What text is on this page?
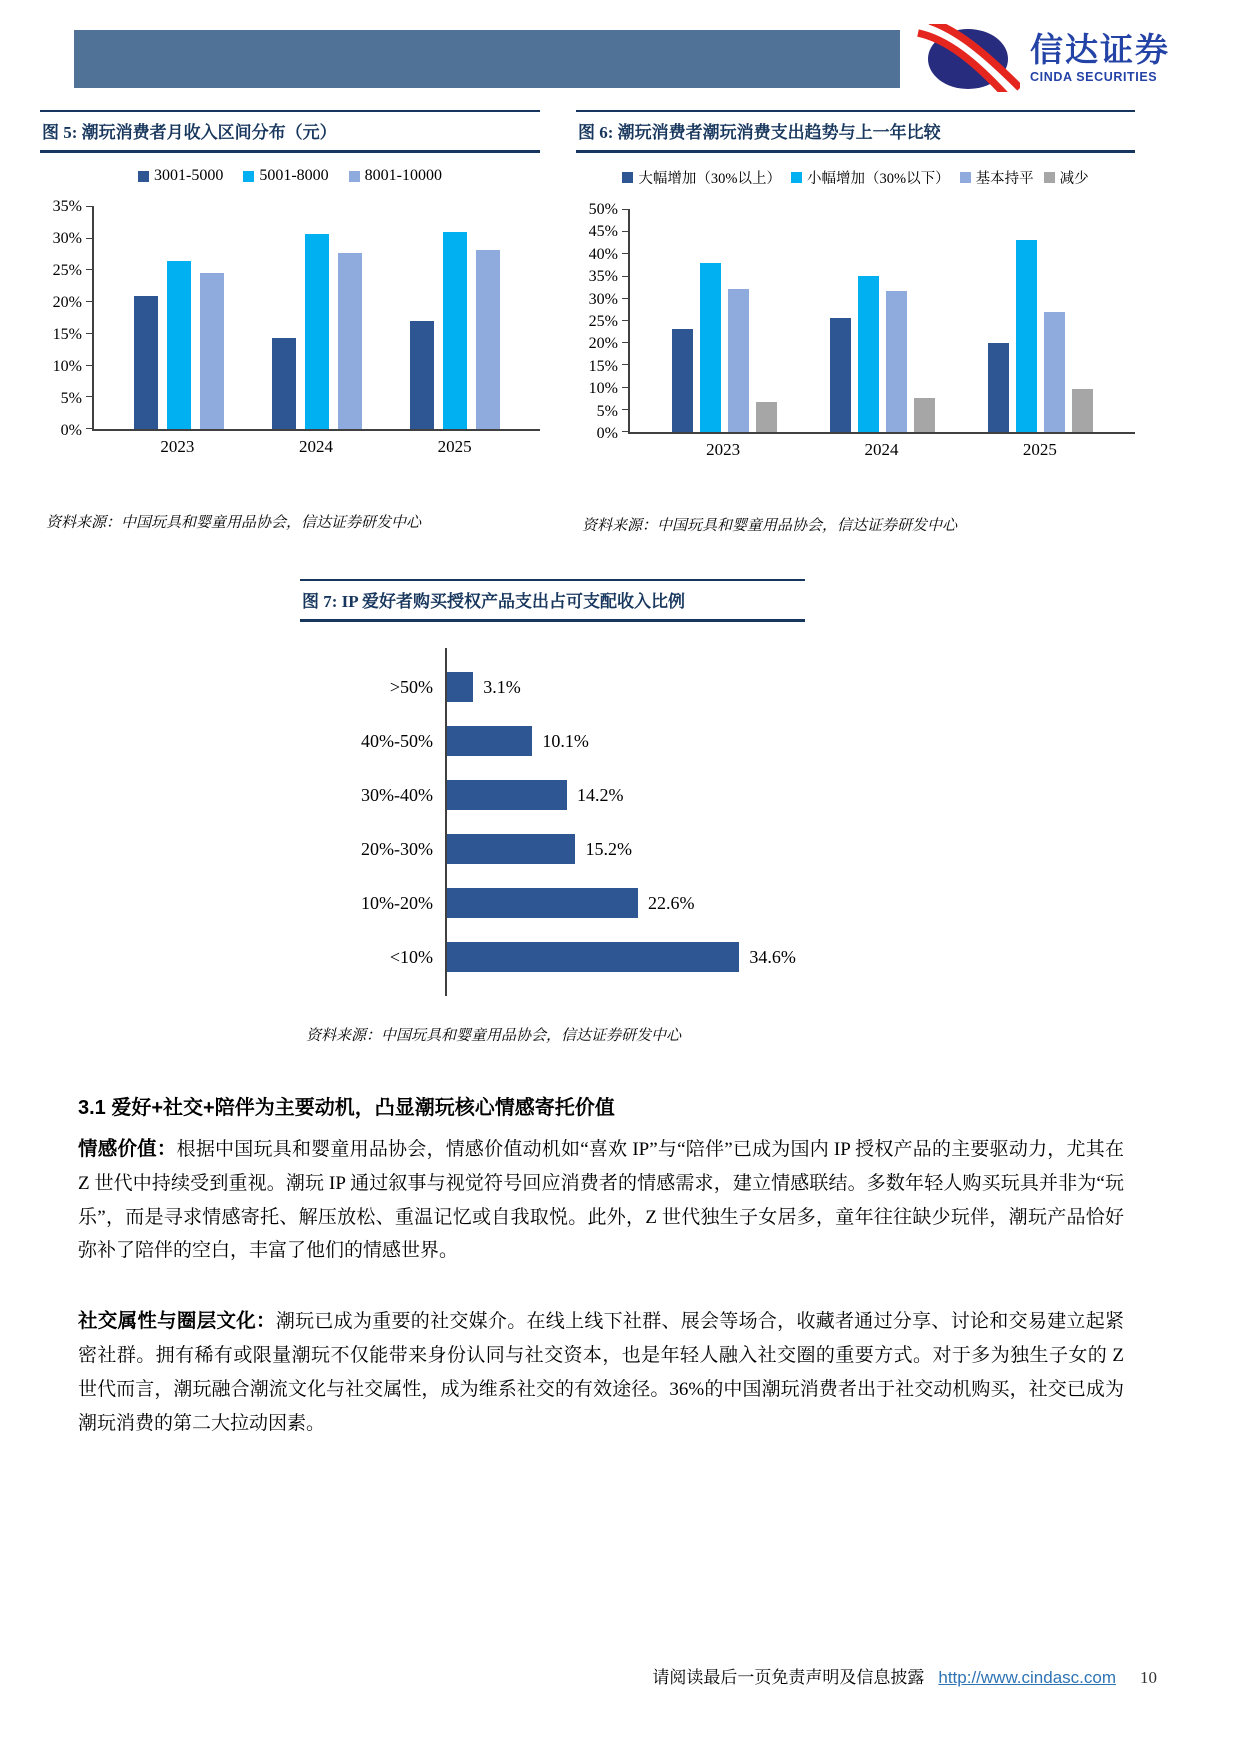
信达证券
CINDA SECURITIES
图 5: 潮玩消费者月收入区间分布（元）
3001-5000 5001-8000 8001-10000
0%
5%
10%
15%
20%
25%
30%
35%
2023	2024	2025
资料来源：中国玩具和婴童用品协会，信达证券研发中心
图 6: 潮玩消费者潮玩消费支出趋势与上一年比较
大幅增加（30%以上） 小幅增加（30%以下） 基本持平 减少
0%
5%
10%
15%
20%
25%
30%
35%
40%
45%
50%
2023	2024	2025
资料来源：中国玩具和婴童用品协会，信达证券研发中心
图 7: IP 爱好者购买授权产品支出占可支配收入比例
>50%	3.1%
40%-50%	10.1%
30%-40%	14.2%
20%-30%	15.2%
10%-20%	22.6%
<10%	34.6%
资料来源：中国玩具和婴童用品协会，信达证券研发中心
3.1 爱好+社交+陪伴为主要动机，凸显潮玩核心情感寄托价值

情感价值：根据中国玩具和婴童用品协会，情感价值动机如“喜欢 IP”与“陪伴”已成为国内 IP 授权产品的主要驱动力，尤其在 Z 世代中持续受到重视。潮玩 IP 通过叙事与视觉符号回应消费者的情感需求，建立情感联结。多数年轻人购买玩具并非为“玩乐”，而是寻求情感寄托、解压放松、重温记忆或自我取悦。此外，Z 世代独生子女居多，童年往往缺少玩伴，潮玩产品恰好弥补了陪伴的空白，丰富了他们的情感世界。

社交属性与圈层文化：潮玩已成为重要的社交媒介。在线上线下社群、展会等场合，收藏者通过分享、讨论和交易建立起紧密社群。拥有稀有或限量潮玩不仅能带来身份认同与社交资本，也是年轻人融入社交圈的重要方式。对于多为独生子女的 Z 世代而言，潮玩融合潮流文化与社交属性，成为维系社交的有效途径。36%的中国潮玩消费者出于社交动机购买，社交已成为潮玩消费的第二大拉动因素。

请阅读最后一页免责声明及信息披露 http://www.cindasc.com 10
